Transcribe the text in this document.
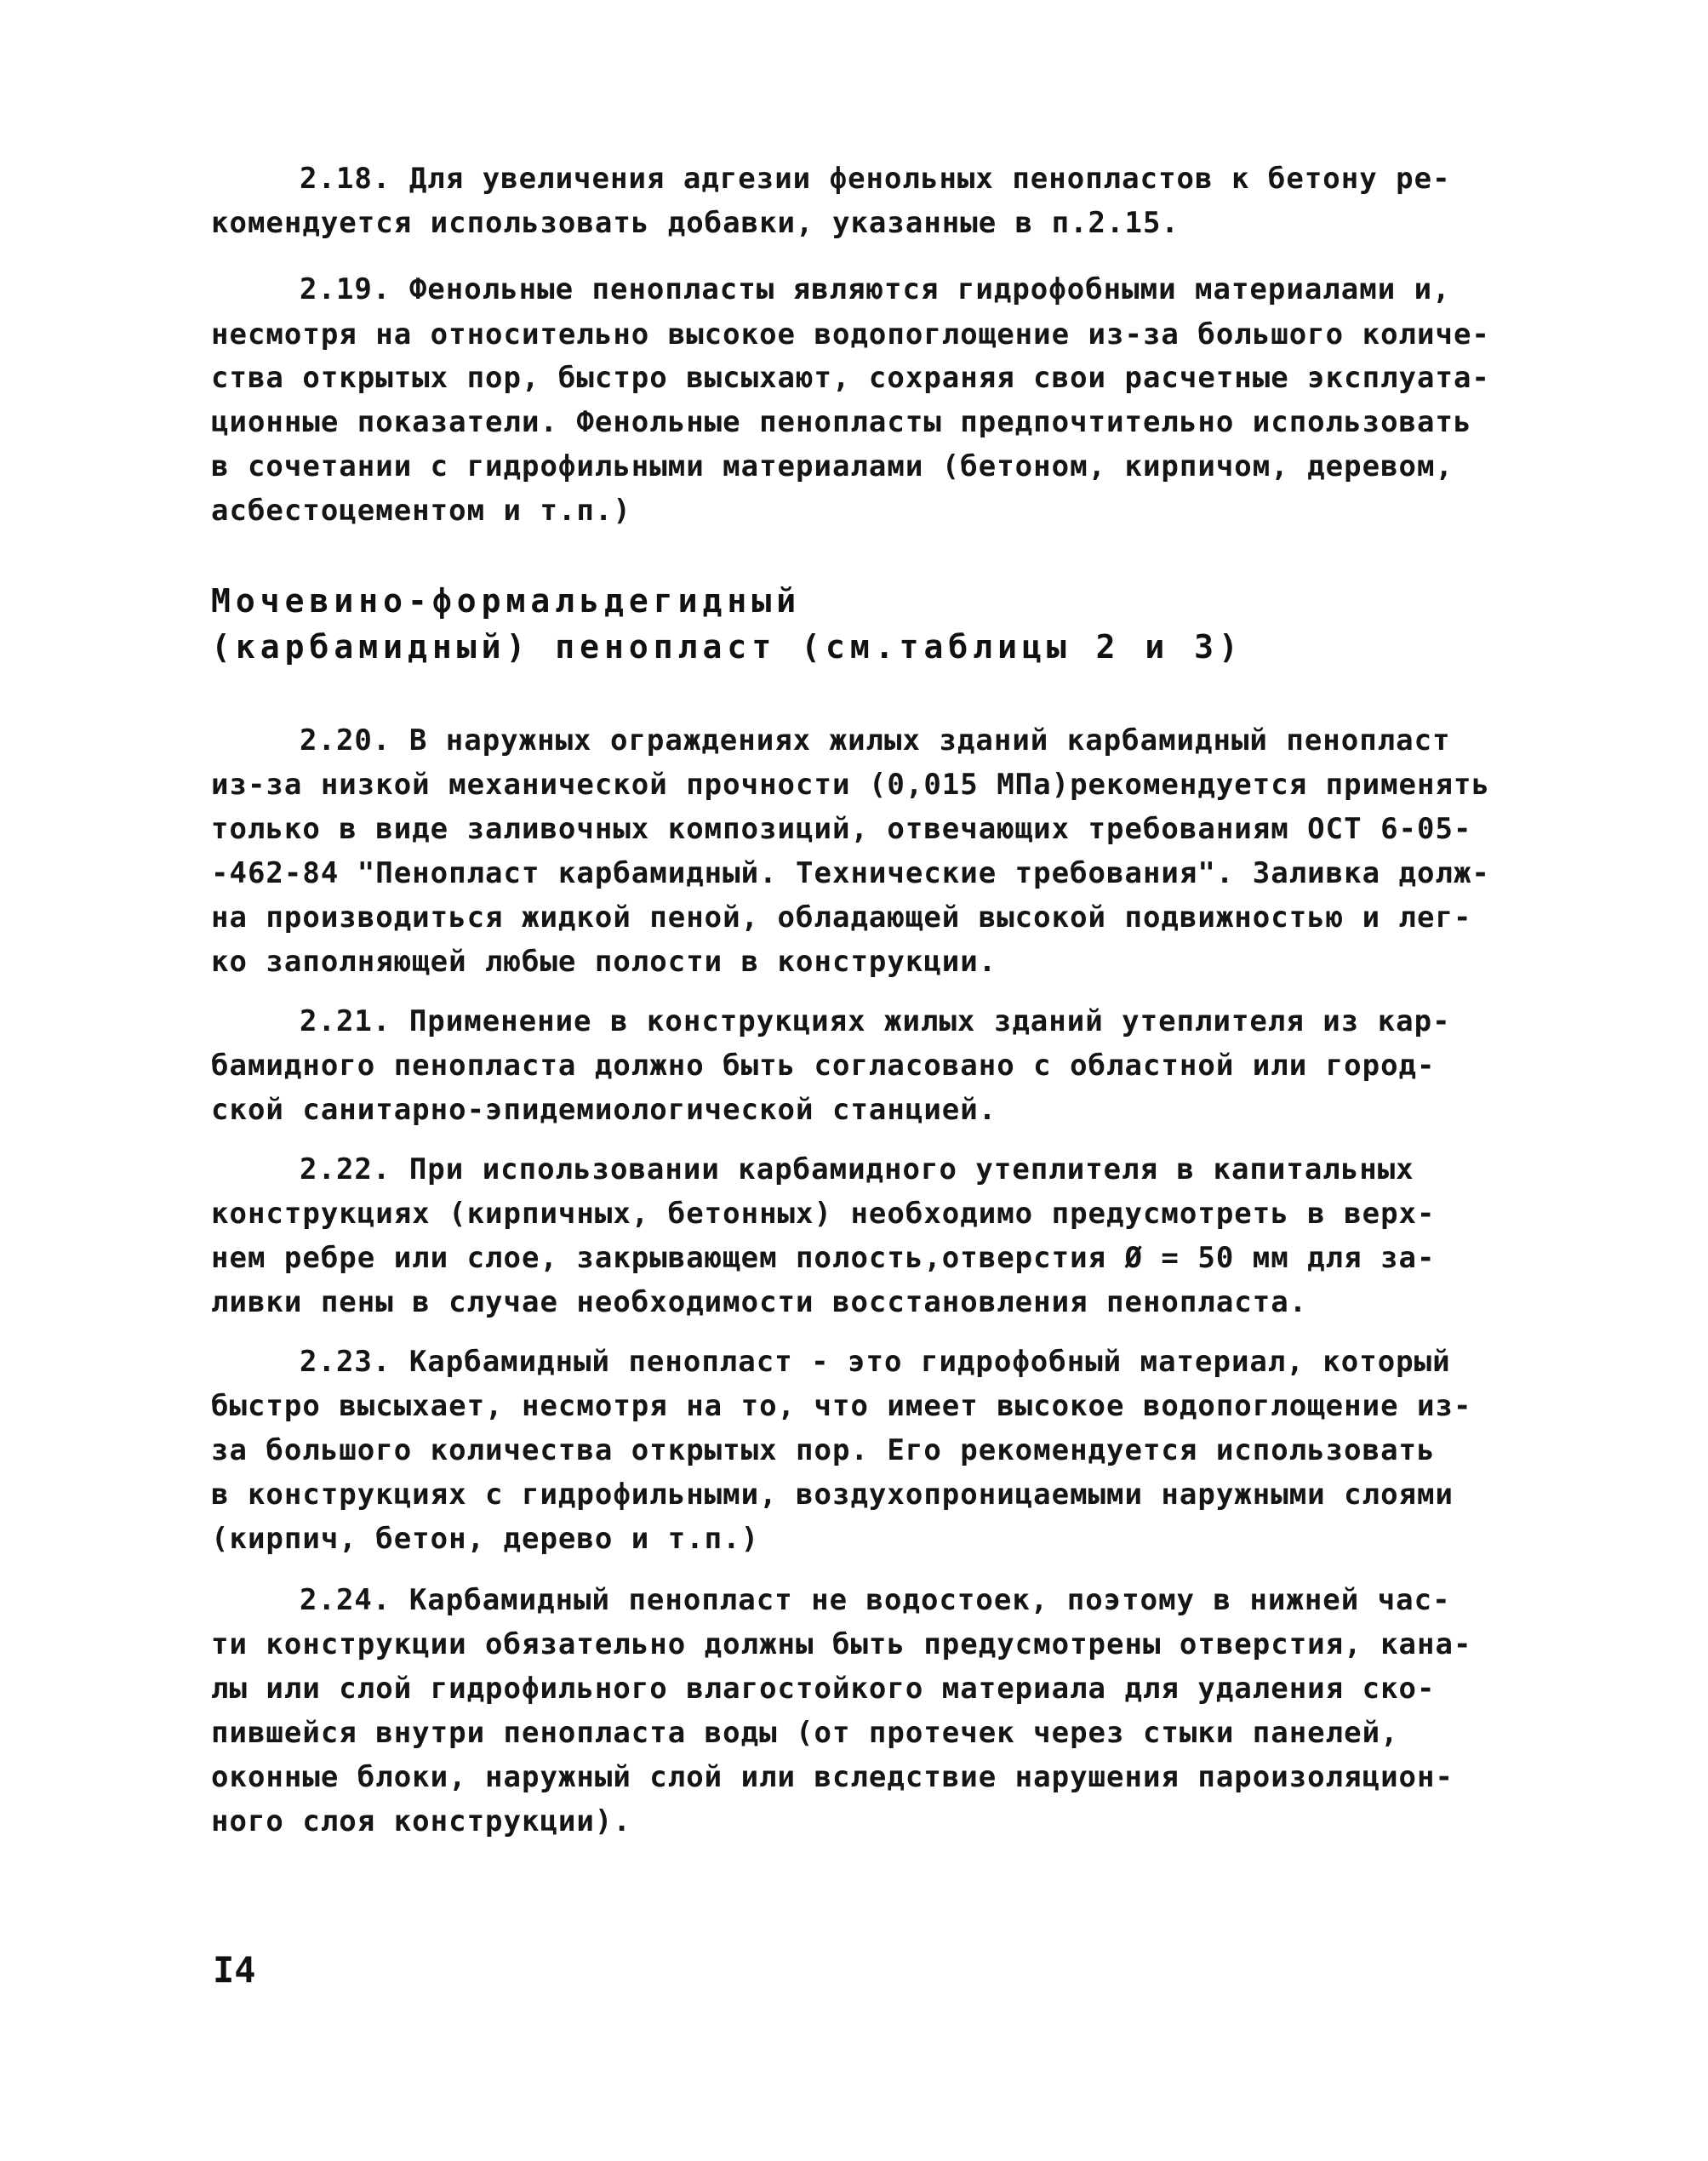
2.18. Для увеличения адгезии фенольных пенопластов к бетону ре-
комендуется использовать добавки, указанные в п.2.15.
2.19. Фенольные пенопласты являются гидрофобными материалами и,
несмотря на относительно высокое водопоглощение из-за большого количе-
ства открытых пор, быстро высыхают, сохраняя свои расчетные эксплуата-
ционные показатели. Фенольные пенопласты предпочтительно использовать
в сочетании с гидрофильными материалами (бетоном, кирпичом, деревом,
асбестоцементом и т.п.)
Мочевино-формальдегидный
(карбамидный) пенопласт (см.таблицы 2 и 3)
2.20. В наружных ограждениях жилых зданий карбамидный пенопласт
из-за низкой механической прочности (0,015 МПа)рекомендуется применять
только в виде заливочных композиций, отвечающих требованиям ОСТ 6-05-
-462-84 "Пенопласт карбамидный. Технические требования". Заливка долж-
на производиться жидкой пеной, обладающей высокой подвижностью и лег-
ко заполняющей любые полости в конструкции.
2.21. Применение в конструкциях жилых зданий утеплителя из кар-
бамидного пенопласта должно быть согласовано с областной или город-
ской санитарно-эпидемиологической станцией.
2.22. При использовании карбамидного утеплителя в капитальных
конструкциях (кирпичных, бетонных) необходимо предусмотреть в верх-
нем ребре или слое, закрывающем полость,отверстия Ø = 50 мм для за-
ливки пены в случае необходимости восстановления пенопласта.
2.23. Карбамидный пенопласт - это гидрофобный материал, который
быстро высыхает, несмотря на то, что имеет высокое водопоглощение из-
за большого количества открытых пор. Его рекомендуется использовать
в конструкциях с гидрофильными, воздухопроницаемыми наружными слоями
(кирпич, бетон, дерево и т.п.)
2.24. Карбамидный пенопласт не водостоек, поэтому в нижней час-
ти конструкции обязательно должны быть предусмотрены отверстия, кана-
лы или слой гидрофильного влагостойкого материала для удаления ско-
пившейся внутри пенопласта воды (от протечек через стыки панелей,
оконные блоки, наружный слой или вследствие нарушения пароизоляцион-
ного слоя конструкции).
I4
